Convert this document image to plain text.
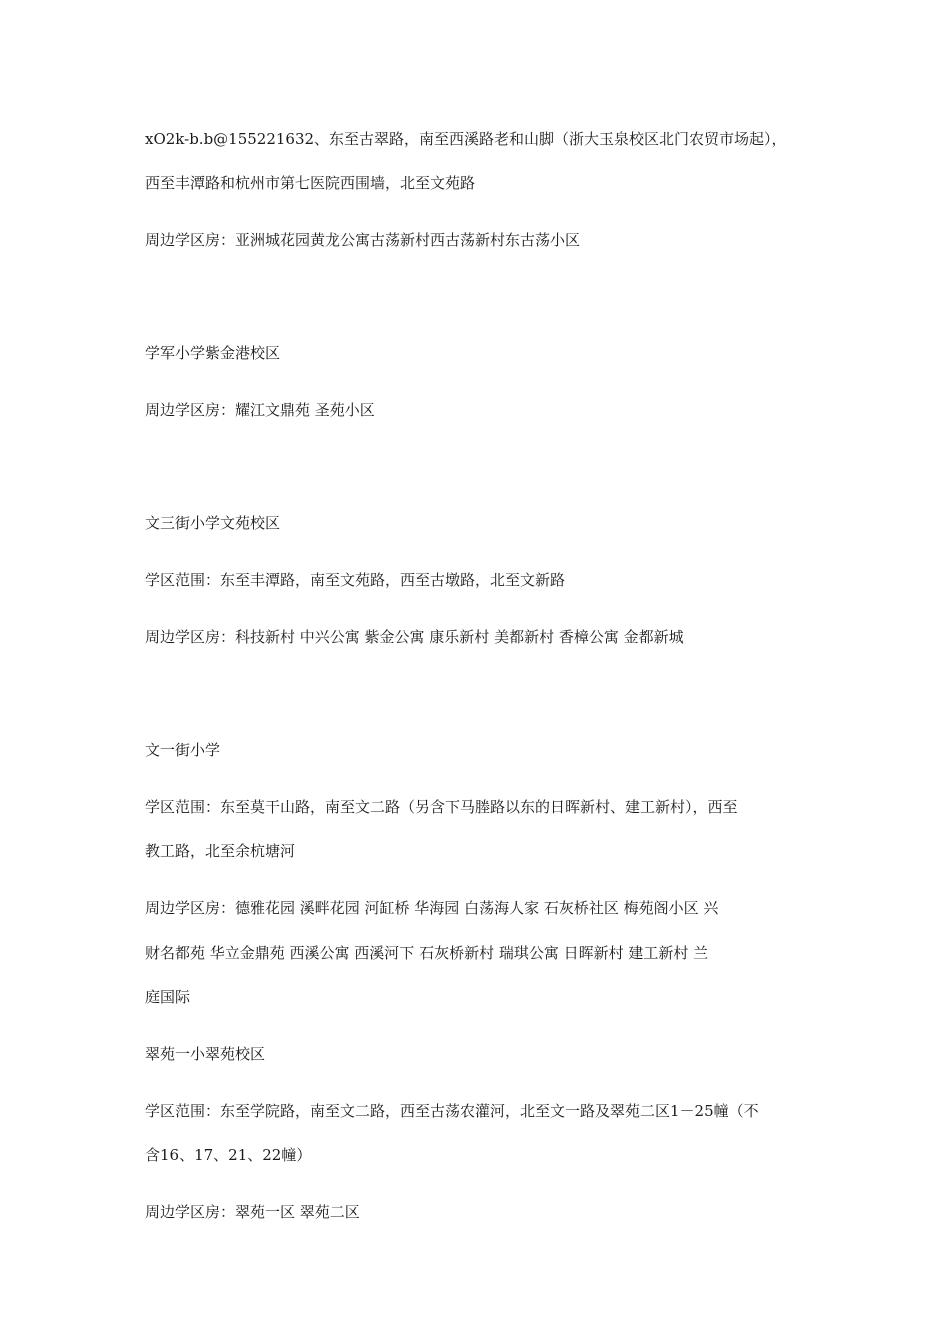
xO2k-b.b@155221632、东至古翠路，南至西溪路老和山脚（浙大玉泉校区北门农贸市场起），

西至丰潭路和杭州市第七医院西围墙，北至文苑路

周边学区房：亚洲城花园黄龙公寓古荡新村西古荡新村东古荡小区

学军小学紫金港校区

周边学区房：耀江文鼎苑 圣苑小区

文三街小学文苑校区

学区范围：东至丰潭路，南至文苑路，西至古墩路，北至文新路

周边学区房：科技新村 中兴公寓 紫金公寓 康乐新村 美都新村 香樟公寓 金都新城

文一街小学

学区范围：东至莫干山路，南至文二路（另含下马塍路以东的日晖新村、建工新村），西至

教工路，北至余杭塘河

周边学区房：德雅花园 溪畔花园 河缸桥 华海园 白荡海人家 石灰桥社区 梅苑阁小区 兴

财名都苑 华立金鼎苑 西溪公寓 西溪河下 石灰桥新村 瑞琪公寓 日晖新村 建工新村 兰

庭国际

翠苑一小翠苑校区

学区范围：东至学院路，南至文二路，西至古荡农灌河，北至文一路及翠苑二区1－25幢（不

含16、17、21、22幢）

周边学区房：翠苑一区 翠苑二区
